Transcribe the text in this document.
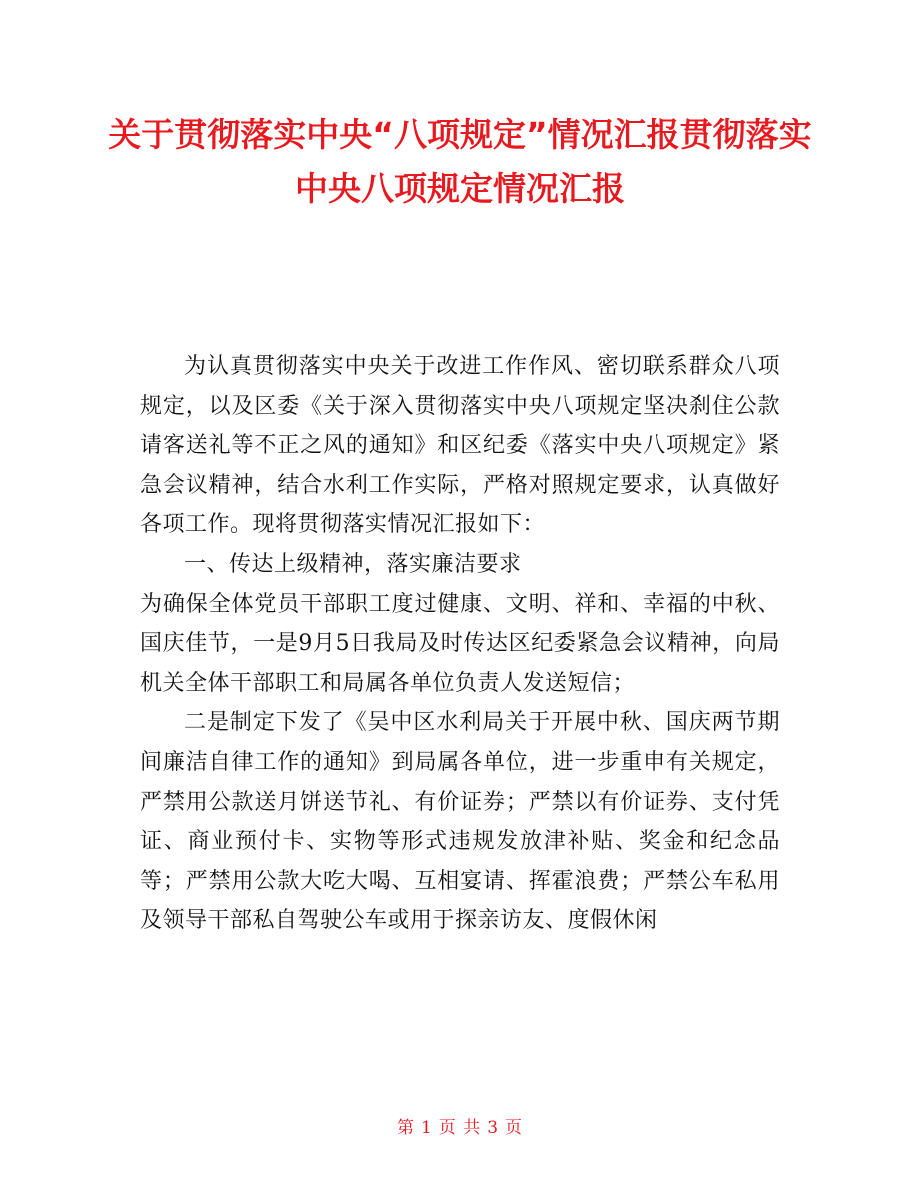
关于贯彻落实中央“八项规定”情况汇报贯彻落实中央八项规定情况汇报

为认真贯彻落实中央关于改进工作作风、密切联系群众八项规定，以及区委《关于深入贯彻落实中央八项规定坚决刹住公款请客送礼等不正之风的通知》和区纪委《落实中央八项规定》紧急会议精神，结合水利工作实际，严格对照规定要求，认真做好各项工作。现将贯彻落实情况汇报如下：

一、传达上级精神，落实廉洁要求

为确保全体党员干部职工度过健康、文明、祥和、幸福的中秋、国庆佳节，一是9月5日我局及时传达区纪委紧急会议精神，向局机关全体干部职工和局属各单位负责人发送短信；

二是制定下发了《吴中区水利局关于开展中秋、国庆两节期间廉洁自律工作的通知》到局属各单位，进一步重申有关规定，严禁用公款送月饼送节礼、有价证券；严禁以有价证券、支付凭证、商业预付卡、实物等形式违规发放津补贴、奖金和纪念品等；严禁用公款大吃大喝、互相宴请、挥霍浪费；严禁公车私用及领导干部私自驾驶公车或用于探亲访友、度假休闲

第 1 页 共 3 页
